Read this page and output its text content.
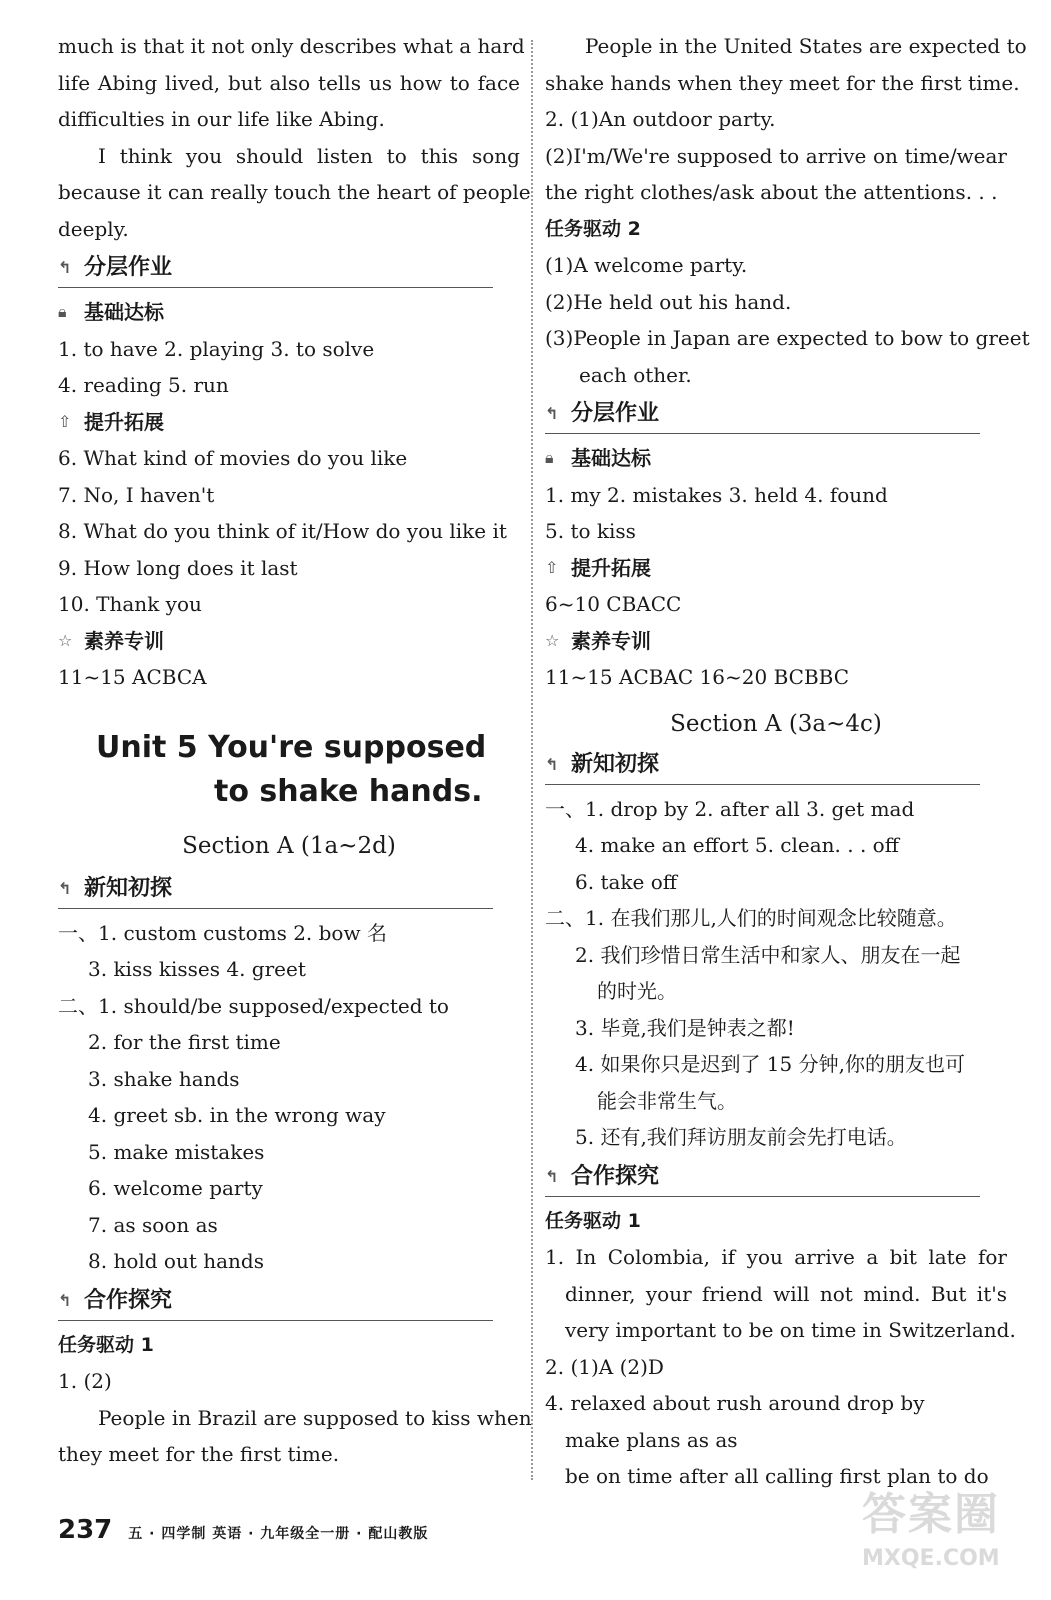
much is that it not only describes what a hard

life Abing lived, but also tells us how to face

difficulties in our life like Abing.

I think you should listen to this song

because it can really touch the heart of people

deeply.

↰ 分层作业
🔒︎ 基础达标

1. to have 2. playing 3. to solve

4. reading 5. run

⇧ 提升拓展

6. What kind of movies do you like

7. No, I haven't

8. What do you think of it/How do you like it

9. How long does it last

10. Thank you

☆ 素养专训

11~15 ACBCA

Unit 5 You're supposed
to shake hands.
Section A (1a~2d)
↰ 新知初探

一、1. custom customs 2. bow 名

3. kiss kisses 4. greet

二、1. should/be supposed/expected to

2. for the first time

3. shake hands

4. greet sb. in the wrong way

5. make mistakes

6. welcome party

7. as soon as

8. hold out hands

↰ 合作探究
任务驱动 1

1. (2)

People in Brazil are supposed to kiss when

they meet for the first time.

People in the United States are expected to

shake hands when they meet for the first time.

2. (1)An outdoor party.

(2)I'm/We're supposed to arrive on time/wear

the right clothes/ask about the attentions. . .

任务驱动 2

(1)A welcome party.

(2)He held out his hand.

(3)People in Japan are expected to bow to greet

each other.

↰ 分层作业
🔒︎ 基础达标

1. my 2. mistakes 3. held 4. found

5. to kiss

⇧ 提升拓展

6~10 CBACC

☆ 素养专训

11~15 ACBAC 16~20 BCBBC

Section A (3a~4c)
↰ 新知初探

一、1. drop by 2. after all 3. get mad

4. make an effort 5. clean. . . off

6. take off

二、1. 在我们那儿,人们的时间观念比较随意。

2. 我们珍惜日常生活中和家人、朋友在一起

的时光。

3. 毕竟,我们是钟表之都!

4. 如果你只是迟到了 15 分钟,你的朋友也可

能会非常生气。

5. 还有,我们拜访朋友前会先打电话。

↰ 合作探究
任务驱动 1

1. In Colombia, if you arrive a bit late for

dinner, your friend will not mind. But it's

very important to be on time in Switzerland.

2. (1)A (2)D

4. relaxed about rush around drop by

make plans as as

be on time after all calling first plan to do

237 五 · 四学制 英语 · 九年级全一册 · 配山教版	答案圈
MXQE.COM
